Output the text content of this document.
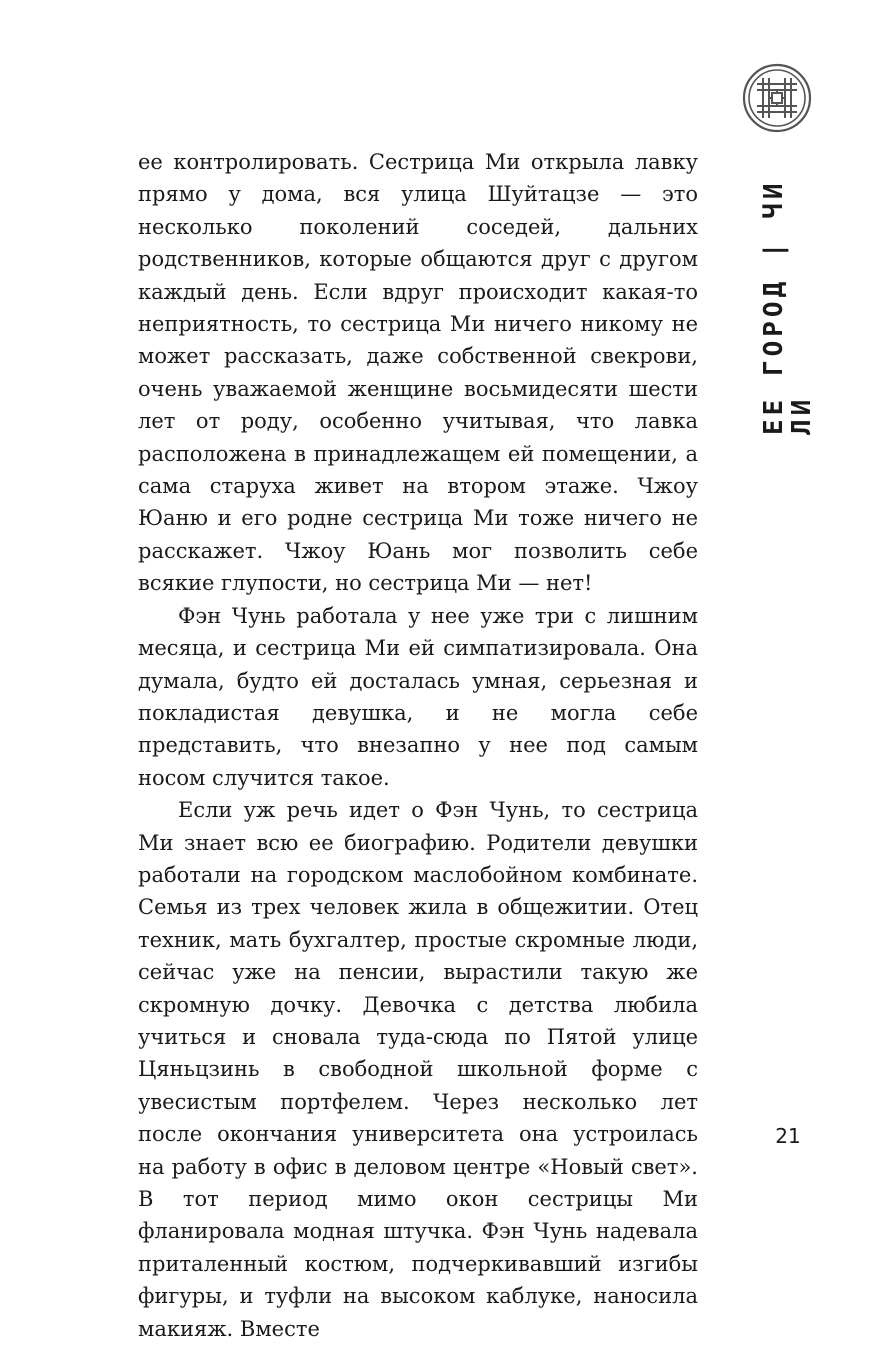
ЕЕ ГОРОД | ЧИ ЛИ

ее контролировать. Сестрица Ми открыла лавку прямо у дома, вся улица Шуйтацзе — это несколько поколений соседей, дальних родственников, которые общаются друг с другом каждый день. Если вдруг происходит какая-то неприятность, то сестрица Ми ничего никому не может рассказать, даже собственной свекрови, очень уважаемой женщине восьмидесяти шести лет от роду, особенно учитывая, что лавка расположена в принадлежащем ей помещении, а сама старуха живет на втором этаже. Чжоу Юаню и его родне сестрица Ми тоже ничего не расскажет. Чжоу Юань мог позволить себе всякие глупости, но сестрица Ми — нет!

Фэн Чунь работала у нее уже три с лишним месяца, и сестрица Ми ей симпатизировала. Она думала, будто ей досталась умная, серьезная и покладистая девушка, и не могла себе представить, что внезапно у нее под самым носом случится такое.

Если уж речь идет о Фэн Чунь, то сестрица Ми знает всю ее биографию. Родители девушки работали на городском маслобойном комбинате. Семья из трех человек жила в общежитии. Отец техник, мать бухгалтер, простые скромные люди, сейчас уже на пенсии, вырастили такую же скромную дочку. Девочка с детства любила учиться и сновала туда-сюда по Пятой улице Цяньцзинь в свободной школьной форме с увесистым портфелем. Через несколько лет после окончания университета она устроилась на работу в офис в деловом центре «Новый свет». В тот период мимо окон сестрицы Ми фланировала модная штучка. Фэн Чунь надевала приталенный костюм, подчеркивавший изгибы фигуры, и туфли на высоком каблуке, наносила макияж. Вместе

21
